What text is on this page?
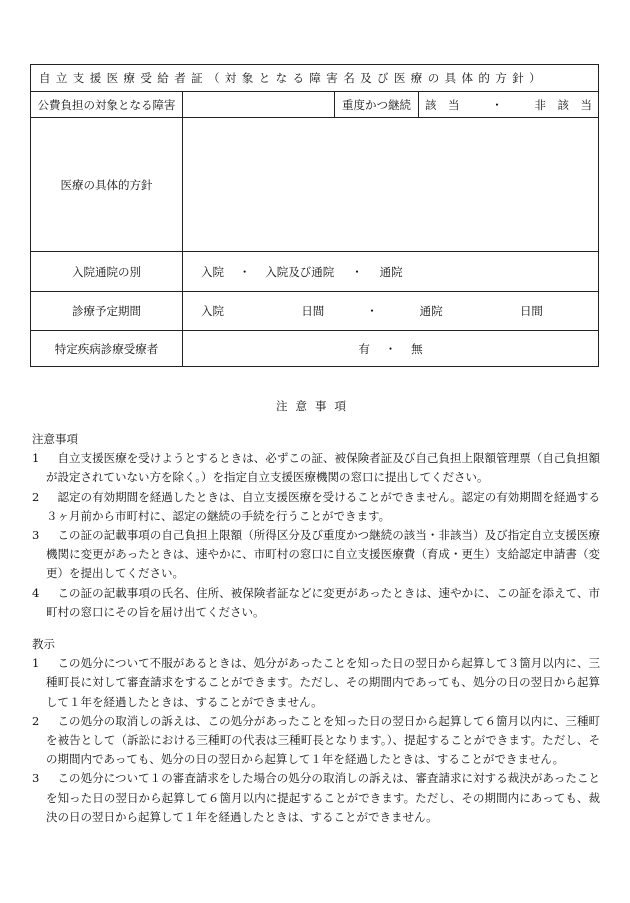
自立支援医療受給者証（対象となる障害名及び医療の具体的方針）			
公費負担の対象となる障害		重度かつ継続	該　当 ・ 非　該　当

医療の具体的方針			
入院通院の別	入院 ・ 入院及び通院 ・ 通院		
診療予定期間	入院 日間 ・ 通院 日間		
特定疾病診療受療者	有 ・ 無		
注意事項
注意事項
1	自立支援医療を受けようとするときは、必ずこの証、被保険者証及び自己負担上限額管理票（自己負担額が設定されていない方を除く。）を指定自立支援医療機関の窓口に提出してください。
2	認定の有効期間を経過したときは、自立支援医療を受けることができません。認定の有効期間を経過する３ヶ月前から市町村に、認定の継続の手続を行うことができます。
3	この証の記載事項の自己負担上限額（所得区分及び重度かつ継続の該当・非該当）及び指定自立支援医療機関に変更があったときは、速やかに、市町村の窓口に自立支援医療費（育成・更生）支給認定申請書（変更）を提出してください。
4	この証の記載事項の氏名、住所、被保険者証などに変更があったときは、速やかに、この証を添えて、市町村の窓口にその旨を届け出てください。
教示
1	この処分について不服があるときは、処分があったことを知った日の翌日から起算して３箇月以内に、三種町長に対して審査請求をすることができます。ただし、その期間内であっても、処分の日の翌日から起算して１年を経過したときは、することができません。
2	この処分の取消しの訴えは、この処分があったことを知った日の翌日から起算して６箇月以内に、三種町を被告として（訴訟における三種町の代表は三種町長となります。）、提起することができます。ただし、その期間内であっても、処分の日の翌日から起算して１年を経過したときは、することができません。
3	この処分について１の審査請求をした場合の処分の取消しの訴えは、審査請求に対する裁決があったことを知った日の翌日から起算して６箇月以内に提起することができます。ただし、その期間内にあっても、裁決の日の翌日から起算して１年を経過したときは、することができません。
